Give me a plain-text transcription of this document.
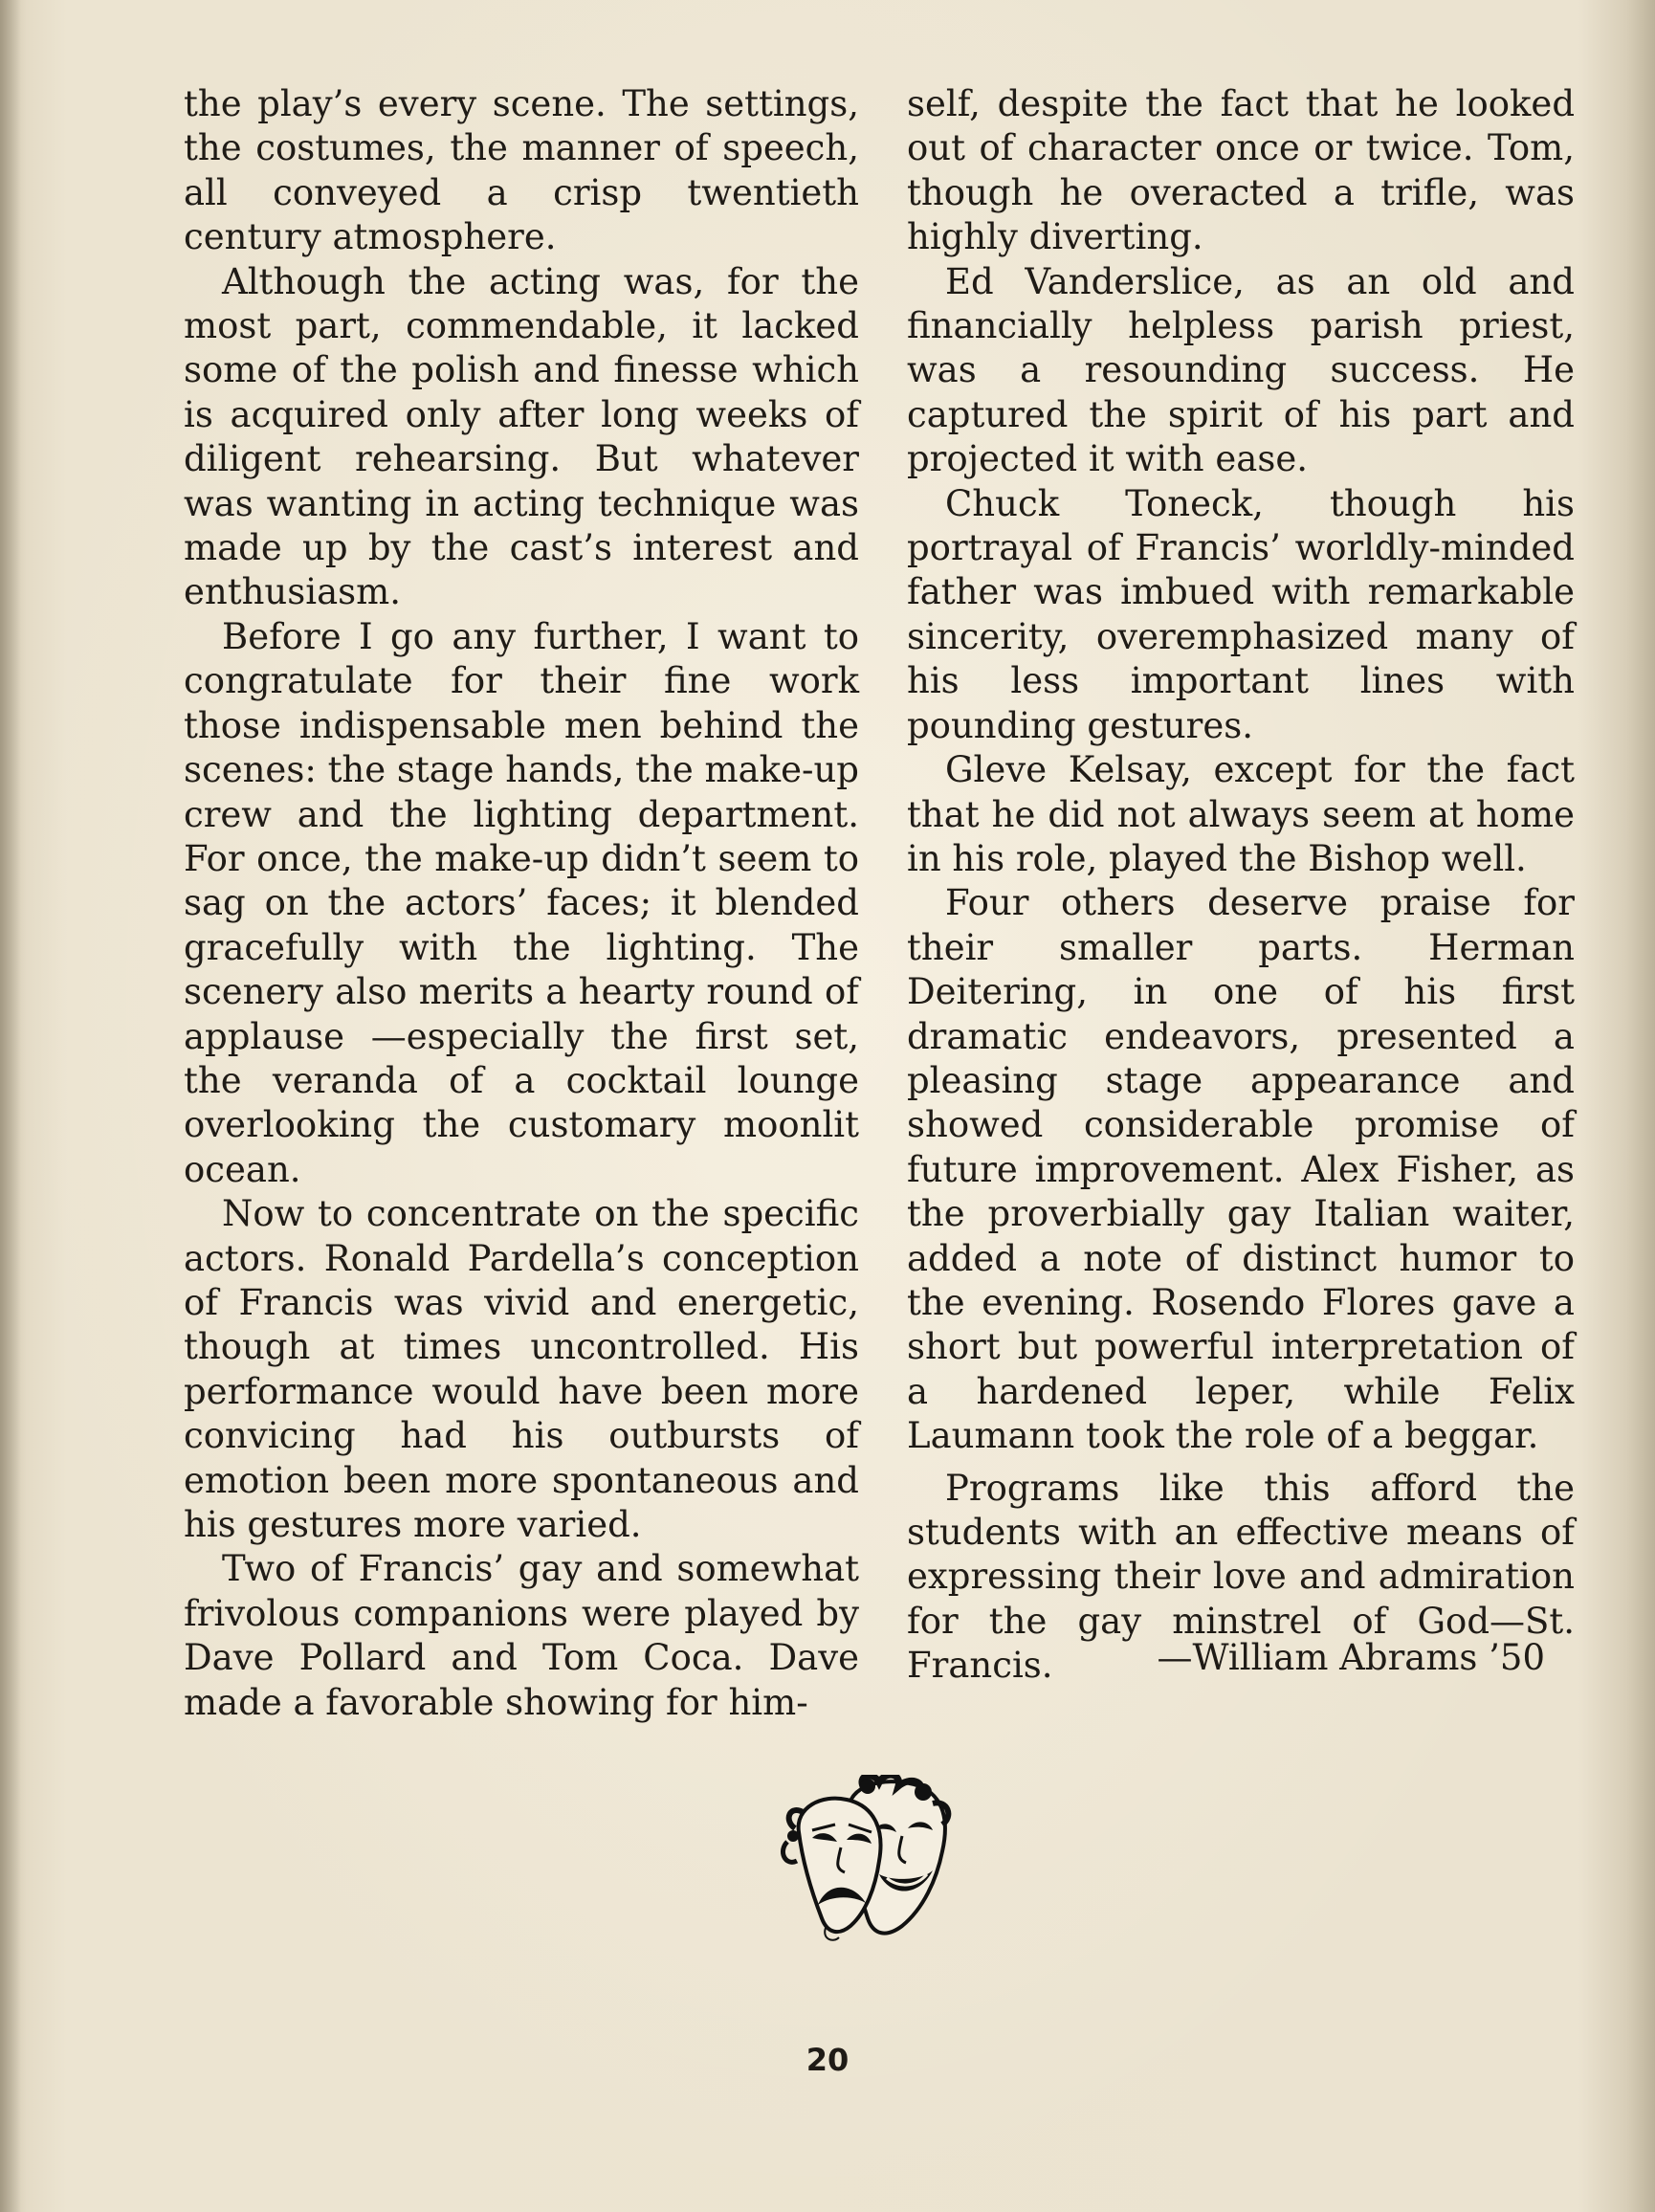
the play’s every scene. The settings, the costumes, the manner of speech, all conveyed a crisp twentieth century atmosphere.

Although the acting was, for the most part, commendable, it lacked some of the polish and finesse which is acquired only after long weeks of diligent rehearsing. But whatever was wanting in acting technique was made up by the cast’s interest and enthusiasm.

Before I go any further, I want to congratulate for their fine work those indispensable men behind the scenes: the stage hands, the make-up crew and the lighting department. For once, the make-up didn’t seem to sag on the actors’ faces; it blended gracefully with the lighting. The scenery also merits a hearty round of applause —especially the first set, the veranda of a cocktail lounge overlooking the customary moonlit ocean.

Now to concentrate on the specific actors. Ronald Pardella’s conception of Francis was vivid and energetic, though at times uncontrolled. His performance would have been more convicing had his outbursts of emotion been more spontaneous and his gestures more varied.

Two of Francis’ gay and somewhat frivolous companions were played by Dave Pollard and Tom Coca. Dave made a favorable showing for him-

self, despite the fact that he looked out of character once or twice. Tom, though he overacted a trifle, was highly diverting.

Ed Vanderslice, as an old and financially helpless parish priest, was a resounding success. He captured the spirit of his part and projected it with ease.

Chuck Toneck, though his portrayal of Francis’ worldly-minded father was imbued with remarkable sincerity, overemphasized many of his less important lines with pounding gestures.

Gleve Kelsay, except for the fact that he did not always seem at home in his role, played the Bishop well.

Four others deserve praise for their smaller parts. Herman Deitering, in one of his first dramatic endeavors, presented a pleasing stage appearance and showed considerable promise of future improvement. Alex Fisher, as the proverbially gay Italian waiter, added a note of distinct humor to the evening. Rosendo Flores gave a short but powerful interpretation of a hardened leper, while Felix Laumann took the role of a beggar.

Programs like this afford the students with an effective means of expressing their love and admiration for the gay minstrel of God—St. Francis.	—William Abrams ’50
20
